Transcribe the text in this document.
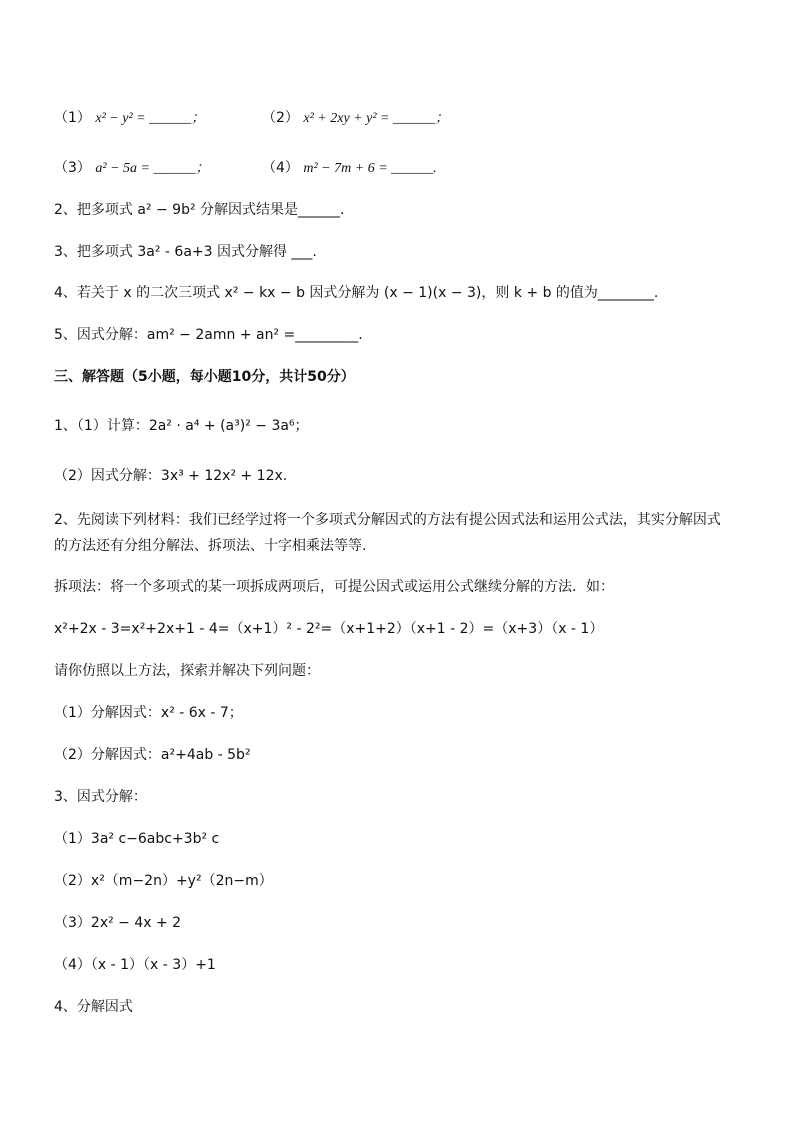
（1） x² − y² = ______；	（2） x² + 2xy + y² = ______；
（3） a² − 5a = ______；	（4） m² − 7m + 6 = ______.
2、把多项式 a² − 9b² 分解因式结果是______.
3、把多项式 3a² - 6a+3 因式分解得 ___.
4、若关于 x 的二次三项式 x² − kx − b 因式分解为 (x − 1)(x − 3)，则 k + b 的值为________.
5、因式分解：am² − 2amn + an² =_________.
三、解答题（5小题，每小题10分，共计50分）
1、（1）计算：2a² · a⁴ + (a³)² − 3a⁶；
（2）因式分解：3x³ + 12x² + 12x.
2、先阅读下列材料：我们已经学过将一个多项式分解因式的方法有提公因式法和运用公式法，其实分解因式的方法还有分组分解法、拆项法、十字相乘法等等.
拆项法：将一个多项式的某一项拆成两项后，可提公因式或运用公式继续分解的方法．如：
x²+2x - 3=x²+2x+1 - 4=（x+1）² - 2²=（x+1+2）（x+1 - 2）=（x+3）（x - 1）
请你仿照以上方法，探索并解决下列问题：
（1）分解因式：x² - 6x - 7；
（2）分解因式：a²+4ab - 5b²
3、因式分解：
（1）3a² c−6abc+3b² c
（2）x²（m−2n）+y²（2n−m）
（3）2x² − 4x + 2
（4）（x - 1）（x - 3）+1
4、分解因式
